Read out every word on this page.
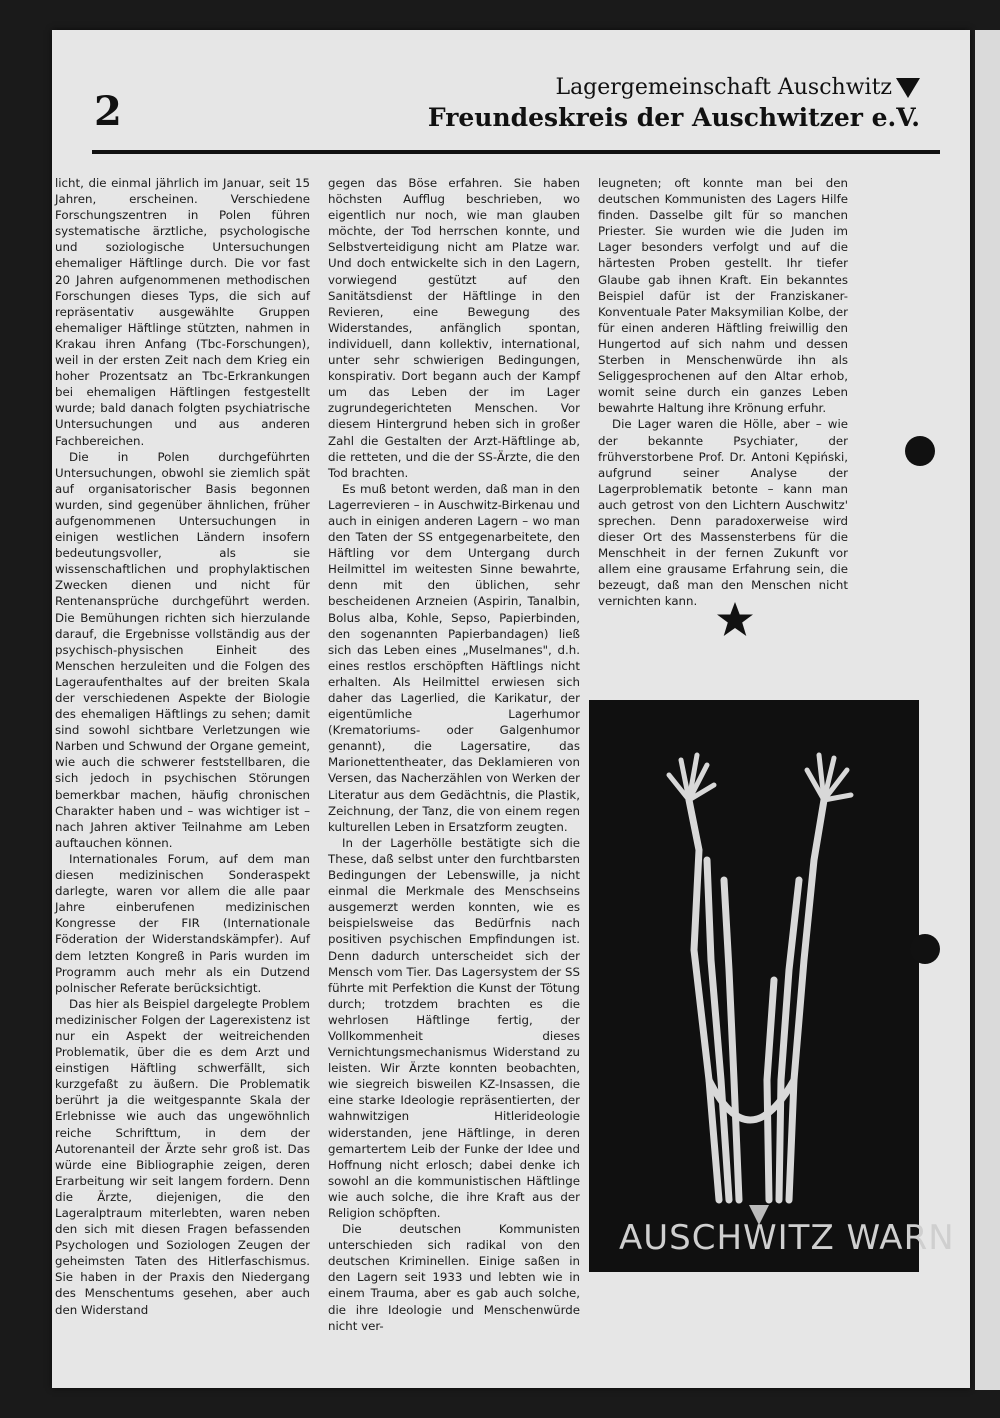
2
Lagergemeinschaft Auschwitz
Freundeskreis der Auschwitzer e.V.

licht, die einmal jährlich im Januar, seit 15 Jahren, erscheinen. Verschiedene Forschungszentren in Polen führen systematische ärztliche, psychologische und soziologische Untersuchungen ehemaliger Häftlinge durch. Die vor fast 20 Jahren aufgenommenen methodischen Forschungen dieses Typs, die sich auf repräsentativ ausgewählte Gruppen ehemaliger Häftlinge stützten, nahmen in Krakau ihren Anfang (Tbc-Forschungen), weil in der ersten Zeit nach dem Krieg ein hoher Prozentsatz an Tbc-Erkrankungen bei ehemaligen Häftlingen festgestellt wurde; bald danach folgten psychiatrische Untersuchungen und aus anderen Fachbereichen.

Die in Polen durchgeführten Untersuchungen, obwohl sie ziemlich spät auf organisatorischer Basis begonnen wurden, sind gegenüber ähnlichen, früher aufgenommenen Untersuchungen in einigen westlichen Ländern insofern bedeutungsvoller, als sie wissenschaftlichen und prophylaktischen Zwecken dienen und nicht für Rentenansprüche durchgeführt werden. Die Bemühungen richten sich hierzulande darauf, die Ergebnisse vollständig aus der psychisch-physischen Einheit des Menschen herzuleiten und die Folgen des Lageraufenthaltes auf der breiten Skala der verschiedenen Aspekte der Biologie des ehemaligen Häftlings zu sehen; damit sind sowohl sichtbare Verletzungen wie Narben und Schwund der Organe gemeint, wie auch die schwerer feststellbaren, die sich jedoch in psychischen Störungen bemerkbar machen, häufig chronischen Charakter haben und – was wichtiger ist – nach Jahren aktiver Teilnahme am Leben auftauchen können.

Internationales Forum, auf dem man diesen medizinischen Sonderaspekt darlegte, waren vor allem die alle paar Jahre einberufenen medizinischen Kongresse der FIR (Internationale Föderation der Widerstandskämpfer). Auf dem letzten Kongreß in Paris wurden im Programm auch mehr als ein Dutzend polnischer Referate berücksichtigt.

Das hier als Beispiel dargelegte Problem medizinischer Folgen der Lagerexistenz ist nur ein Aspekt der weitreichenden Problematik, über die es dem Arzt und einstigen Häftling schwerfällt, sich kurzgefaßt zu äußern. Die Problematik berührt ja die weitgespannte Skala der Erlebnisse wie auch das ungewöhnlich reiche Schrifttum, in dem der Autorenanteil der Ärzte sehr groß ist. Das würde eine Bibliographie zeigen, deren Erarbeitung wir seit langem fordern. Denn die Ärzte, diejenigen, die den Lageralptraum miterlebten, waren neben den sich mit diesen Fragen befassenden Psychologen und Soziologen Zeugen der geheimsten Taten des Hitlerfaschismus. Sie haben in der Praxis den Niedergang des Menschentums gesehen, aber auch den Widerstand

gegen das Böse erfahren. Sie haben höchsten Aufflug beschrieben, wo eigentlich nur noch, wie man glauben möchte, der Tod herrschen konnte, und Selbstverteidigung nicht am Platze war. Und doch entwickelte sich in den Lagern, vorwiegend gestützt auf den Sanitätsdienst der Häftlinge in den Revieren, eine Bewegung des Widerstandes, anfänglich spontan, individuell, dann kollektiv, international, unter sehr schwierigen Bedingungen, konspirativ. Dort begann auch der Kampf um das Leben der im Lager zugrundegerichteten Menschen. Vor diesem Hintergrund heben sich in großer Zahl die Gestalten der Arzt-Häftlinge ab, die retteten, und die der SS-Ärzte, die den Tod brachten.

Es muß betont werden, daß man in den Lagerrevieren – in Auschwitz-Birkenau und auch in einigen anderen Lagern – wo man den Taten der SS entgegenarbeitete, den Häftling vor dem Untergang durch Heilmittel im weitesten Sinne bewahrte, denn mit den üblichen, sehr bescheidenen Arzneien (Aspirin, Tanalbin, Bolus alba, Kohle, Sepso, Papierbinden, den sogenannten Papierbandagen) ließ sich das Leben eines „Muselmanes", d.h. eines restlos erschöpften Häftlings nicht erhalten. Als Heilmittel erwiesen sich daher das Lagerlied, die Karikatur, der eigentümliche Lagerhumor (Krematoriums- oder Galgenhumor genannt), die Lagersatire, das Marionettentheater, das Deklamieren von Versen, das Nacherzählen von Werken der Literatur aus dem Gedächtnis, die Plastik, Zeichnung, der Tanz, die von einem regen kulturellen Leben in Ersatzform zeugten.

In der Lagerhölle bestätigte sich die These, daß selbst unter den furchtbarsten Bedingungen der Lebenswille, ja nicht einmal die Merkmale des Menschseins ausgemerzt werden konnten, wie es beispielsweise das Bedürfnis nach positiven psychischen Empfindungen ist. Denn dadurch unterscheidet sich der Mensch vom Tier. Das Lagersystem der SS führte mit Perfektion die Kunst der Tötung durch; trotzdem brachten es die wehrlosen Häftlinge fertig, der Vollkommenheit dieses Vernichtungsmechanismus Widerstand zu leisten. Wir Ärzte konnten beobachten, wie siegreich bisweilen KZ-Insassen, die eine starke Ideologie repräsentierten, der wahnwitzigen Hitlerideologie widerstanden, jene Häftlinge, in deren gemartertem Leib der Funke der Idee und Hoffnung nicht erlosch; dabei denke ich sowohl an die kommunistischen Häftlinge wie auch solche, die ihre Kraft aus der Religion schöpften.

Die deutschen Kommunisten unterschieden sich radikal von den deutschen Kriminellen. Einige saßen in den Lagern seit 1933 und lebten wie in einem Trauma, aber es gab auch solche, die ihre Ideologie und Menschenwürde nicht ver-

leugneten; oft konnte man bei den deutschen Kommunisten des Lagers Hilfe finden. Dasselbe gilt für so manchen Priester. Sie wurden wie die Juden im Lager besonders verfolgt und auf die härtesten Proben gestellt. Ihr tiefer Glaube gab ihnen Kraft. Ein bekanntes Beispiel dafür ist der Franziskaner-Konventuale Pater Maksymilian Kolbe, der für einen anderen Häftling freiwillig den Hungertod auf sich nahm und dessen Sterben in Menschenwürde ihn als Seliggesprochenen auf den Altar erhob, womit seine durch ein ganzes Leben bewahrte Haltung ihre Krönung erfuhr.

Die Lager waren die Hölle, aber – wie der bekannte Psychiater, der frühverstorbene Prof. Dr. Antoni Kępiński, aufgrund seiner Analyse der Lagerproblematik betonte – kann man auch getrost von den Lichtern Auschwitz' sprechen. Denn paradoxerweise wird dieser Ort des Massensterbens für die Menschheit in der fernen Zukunft vor allem eine grausame Erfahrung sein, die bezeugt, daß man den Menschen nicht vernichten kann.

AUSCHWITZ WARN
